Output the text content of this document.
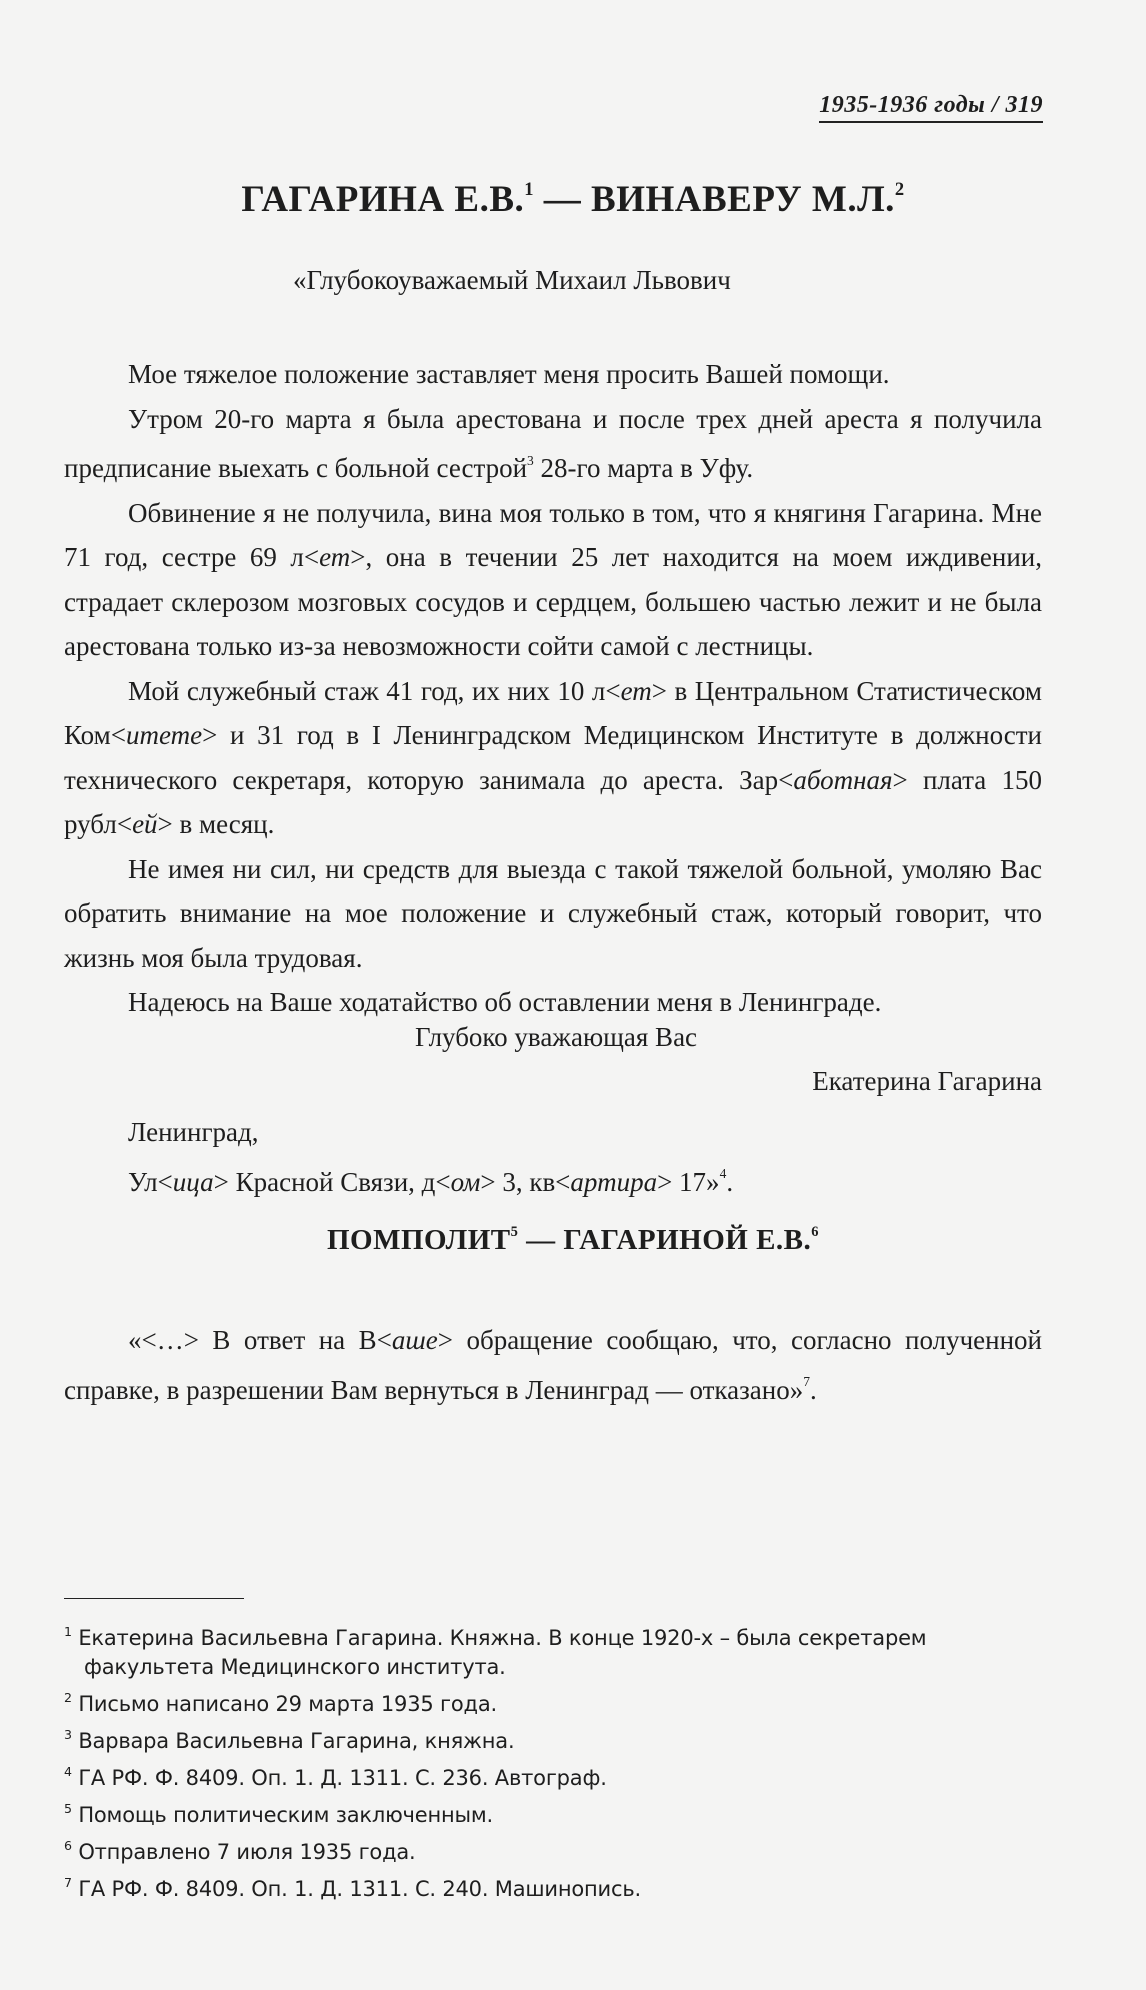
1935-1936 годы / 319
ГАГАРИНА Е.В.$^1$ — ВИНАВЕРУ М.Л.$^2$
«Глубокоуважаемый Михаил Львович

Мое тяжелое положение заставляет меня просить Вашей помощи.

Утром 20-го марта я была арестована и после трех дней ареста я получила предписание выехать с больной сестрой$^3$ 28-го марта в Уфу.

Обвинение я не получила, вина моя только в том, что я княгиня Гагарина. Мне 71 год, сестре 69 л<ет>, она в течении 25 лет находится на моем иждивении, страдает склерозом мозговых сосудов и сердцем, большею частью лежит и не была арестована только из-за невозможности сойти самой с лестницы.

Мой служебный стаж 41 год, их них 10 л<ет> в Центральном Статистическом Ком<итете> и 31 год в I Ленинградском Медицинском Институте в должности технического секретаря, которую занимала до ареста. Зар<аботная> плата 150 рубл<ей> в месяц.

Не имея ни сил, ни средств для выезда с такой тяжелой больной, умоляю Вас обратить внимание на мое положение и служебный стаж, который говорит, что жизнь моя была трудовая.

Надеюсь на Ваше ходатайство об оставлении меня в Ленинграде.

Глубоко уважающая Вас
Екатерина Гагарина
Ленинград,
Ул<ица> Красной Связи, д<ом> 3, кв<артира> 17»$^4$.
ПОМПОЛИТ$^5$ — ГАГАРИНОЙ Е.В.$^6$

«<…> В ответ на В<аше> обращение сообщаю, что, согласно полученной справке, в разрешении Вам вернуться в Ленинград — отказано»$^7$.

$^1$ Екатерина Васильевна Гагарина. Княжна. В конце 1920-х – была секретарем факультета Медицинского института.
$^2$ Письмо написано 29 марта 1935 года.
$^3$ Варвара Васильевна Гагарина, княжна.
$^4$ ГА РФ. Ф. 8409. Оп. 1. Д. 1311. С. 236. Автограф.
$^5$ Помощь политическим заключенным.
$^6$ Отправлено 7 июля 1935 года.
$^7$ ГА РФ. Ф. 8409. Оп. 1. Д. 1311. С. 240. Машинопись.
